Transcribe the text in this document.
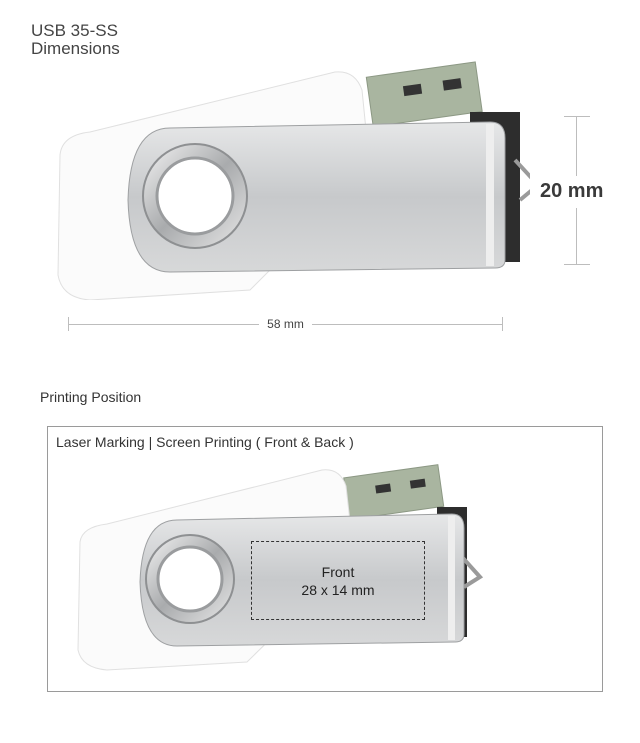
USB 35-SS
Dimensions
58 mm
20 mm
Printing Position
Laser Marking | Screen Printing ( Front & Back )
Front
28 x 14 mm
